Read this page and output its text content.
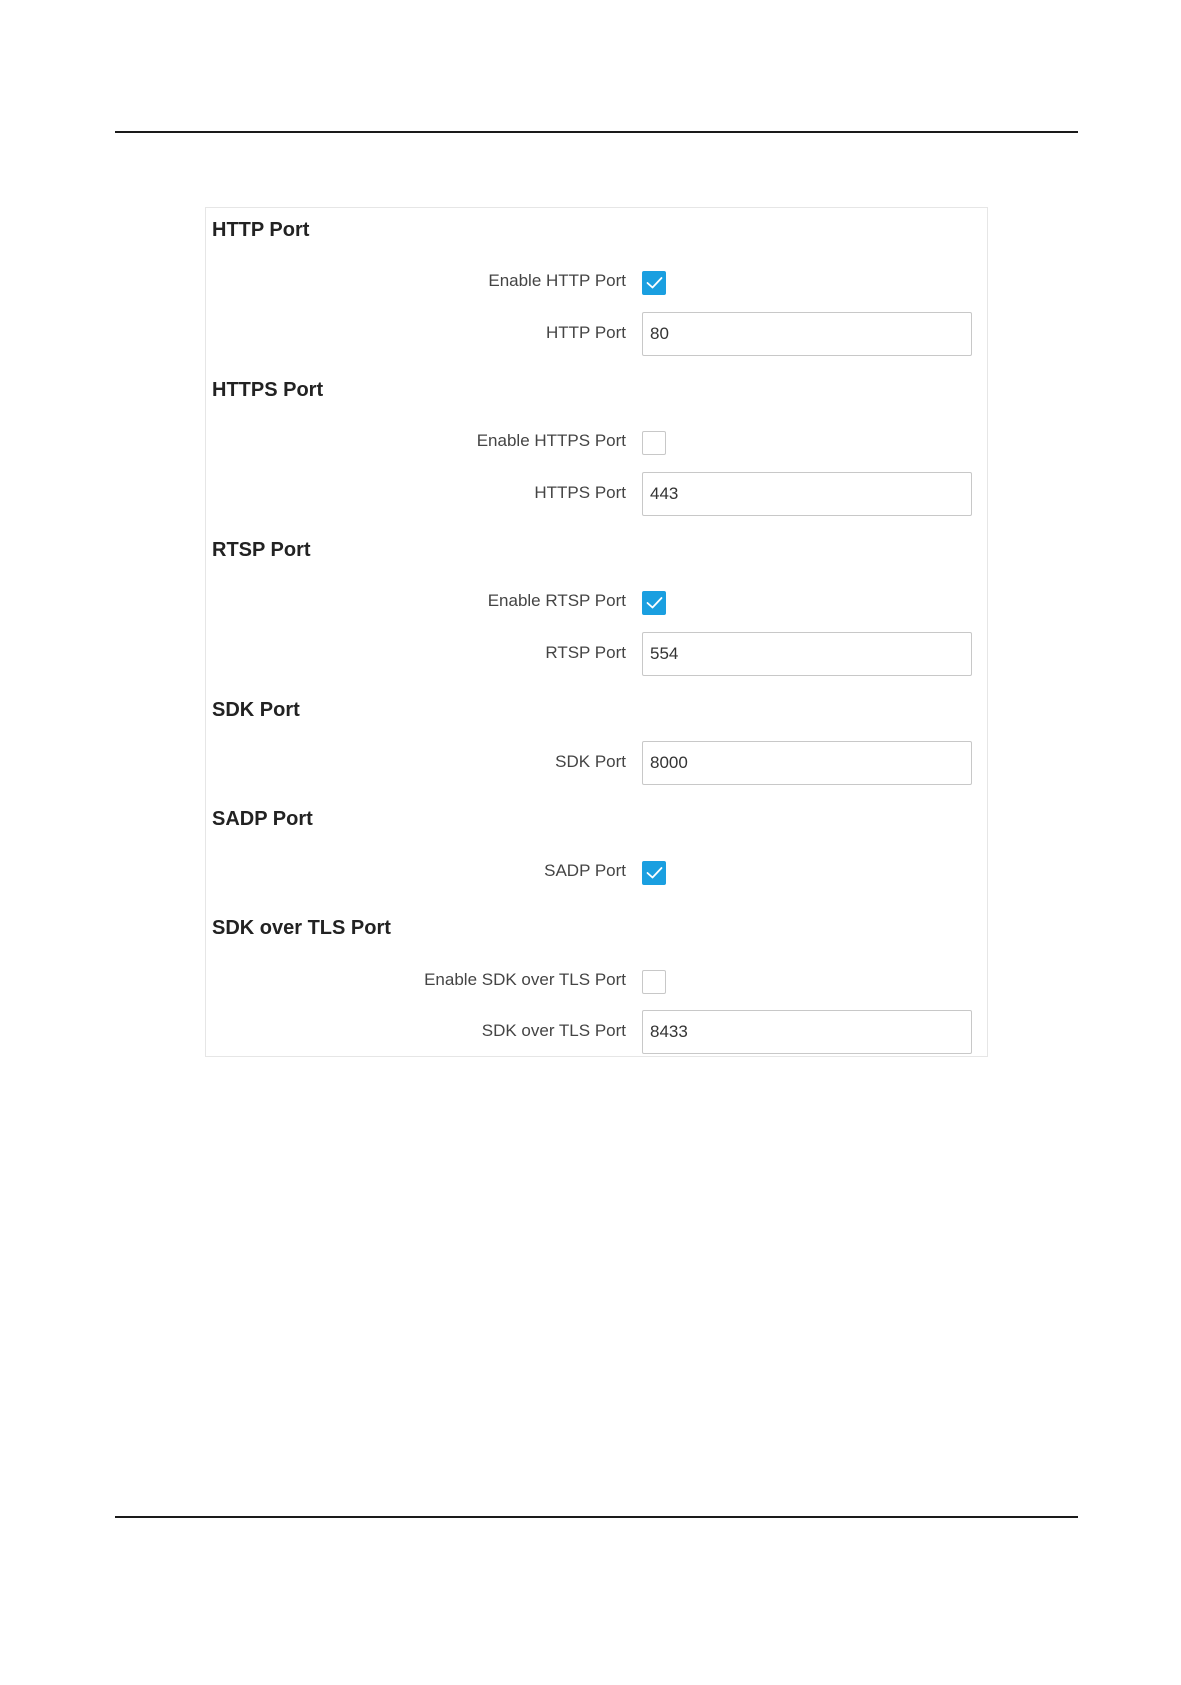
HTTP Port
Enable HTTP Port
HTTP Port
80
HTTPS Port
Enable HTTPS Port
HTTPS Port
443
RTSP Port
Enable RTSP Port
RTSP Port
554
SDK Port
SDK Port
8000
SADP Port
SADP Port
SDK over TLS Port
Enable SDK over TLS Port
SDK over TLS Port
8433
